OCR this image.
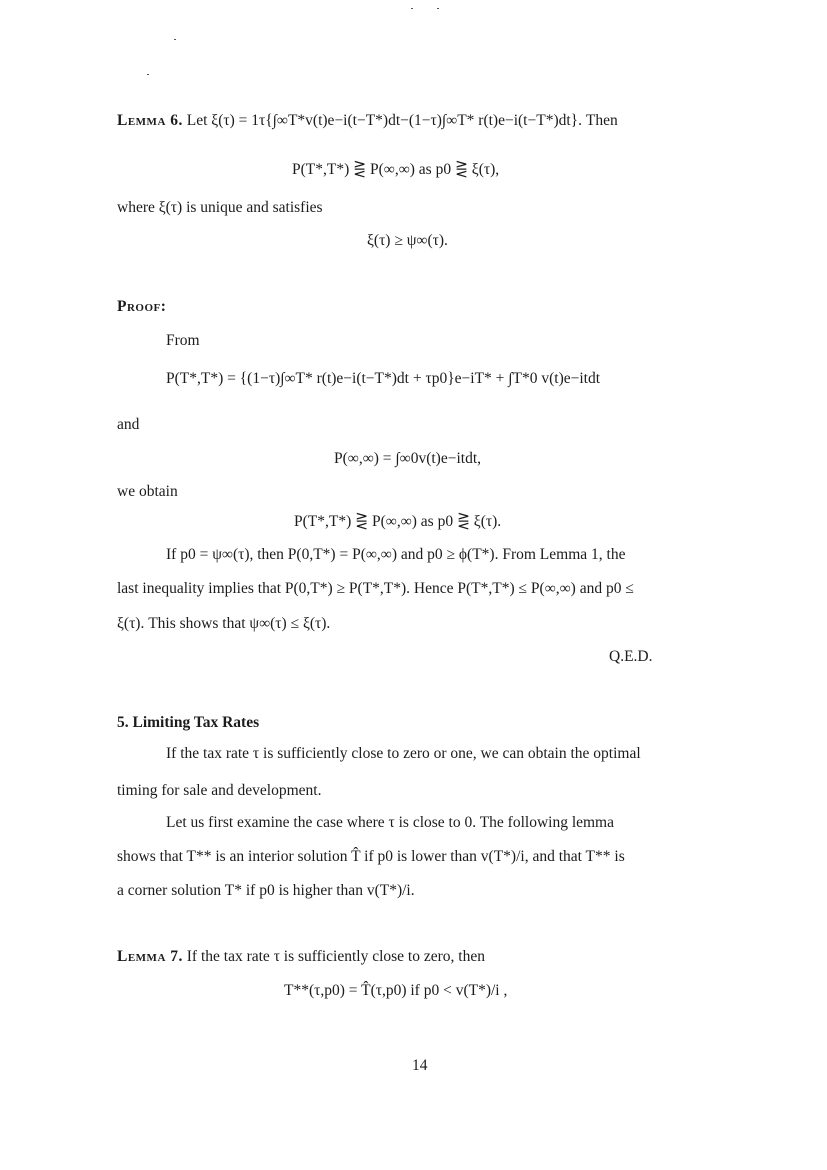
Lemma 6. Let ξ(τ) = 1τ{∫∞T*v(t)e−i(t−T*)dt−(1−τ)∫∞T* r(t)e−i(t−T*)dt}. Then
P(T*,T*) ⋛ P(∞,∞) as p0 ⋛ ξ(τ),
where ξ(τ) is unique and satisfies
ξ(τ) ≥ ψ∞(τ).
Proof:
From
P(T*,T*) = {(1−τ)∫∞T* r(t)e−i(t−T*)dt + τp0}e−iT* + ∫T*0 v(t)e−itdt
and
P(∞,∞) = ∫∞0v(t)e−itdt,
we obtain
P(T*,T*) ⋛ P(∞,∞) as p0 ⋛ ξ(τ).
If p0 = ψ∞(τ), then P(0,T*) = P(∞,∞) and p0 ≥ ϕ(T*). From Lemma 1, the
last inequality implies that P(0,T*) ≥ P(T*,T*). Hence P(T*,T*) ≤ P(∞,∞) and p0 ≤
ξ(τ). This shows that ψ∞(τ) ≤ ξ(τ).
Q.E.D.
5. Limiting Tax Rates
If the tax rate τ is sufficiently close to zero or one, we can obtain the optimal
timing for sale and development.
Let us first examine the case where τ is close to 0. The following lemma
shows that T** is an interior solution T̂ if p0 is lower than v(T*)/i, and that T** is
a corner solution T* if p0 is higher than v(T*)/i.
Lemma 7. If the tax rate τ is sufficiently close to zero, then
T**(τ,p0) = T̂(τ,p0) if p0 < v(T*)/i ,
14
